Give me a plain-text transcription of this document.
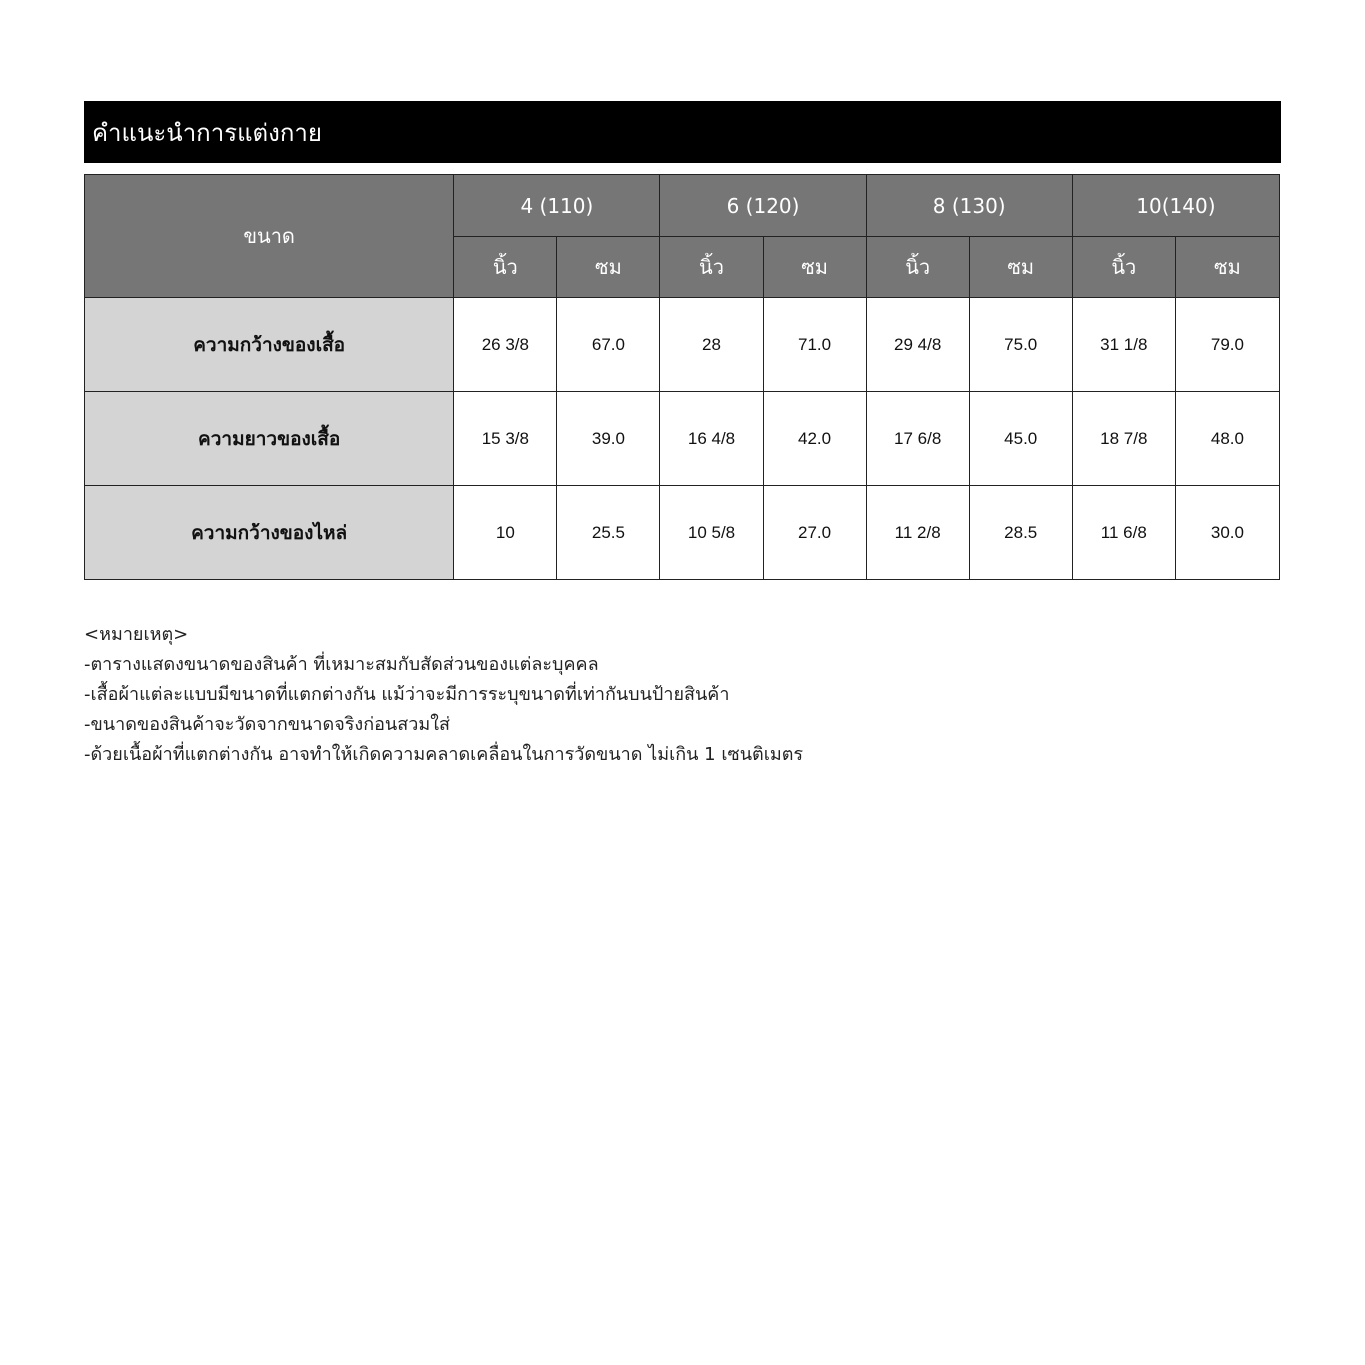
คำแนะนำการแต่งกาย
ขนาด	4 (110)		6 (120)		8 (130)		10(140)	
	นิ้ว	ซม	นิ้ว	ซม	นิ้ว	ซม	นิ้ว	ซม
ความกว้างของเสื้อ	26 3/8	67.0	28	71.0	29 4/8	75.0	31 1/8	79.0
ความยาวของเสื้อ	15 3/8	39.0	16 4/8	42.0	17 6/8	45.0	18 7/8	48.0
ความกว้างของไหล่	10	25.5	10 5/8	27.0	11 2/8	28.5	11 6/8	30.0
<หมายเหตุ>
-ตารางแสดงขนาดของสินค้า ที่เหมาะสมกับสัดส่วนของแต่ละบุคคล
-เสื้อผ้าแต่ละแบบมีขนาดที่แตกต่างกัน แม้ว่าจะมีการระบุขนาดที่เท่ากันบนป้ายสินค้า
-ขนาดของสินค้าจะวัดจากขนาดจริงก่อนสวมใส่
-ด้วยเนื้อผ้าที่แตกต่างกัน อาจทำให้เกิดความคลาดเคลื่อนในการวัดขนาด ไม่เกิน 1 เซนติเมตร
